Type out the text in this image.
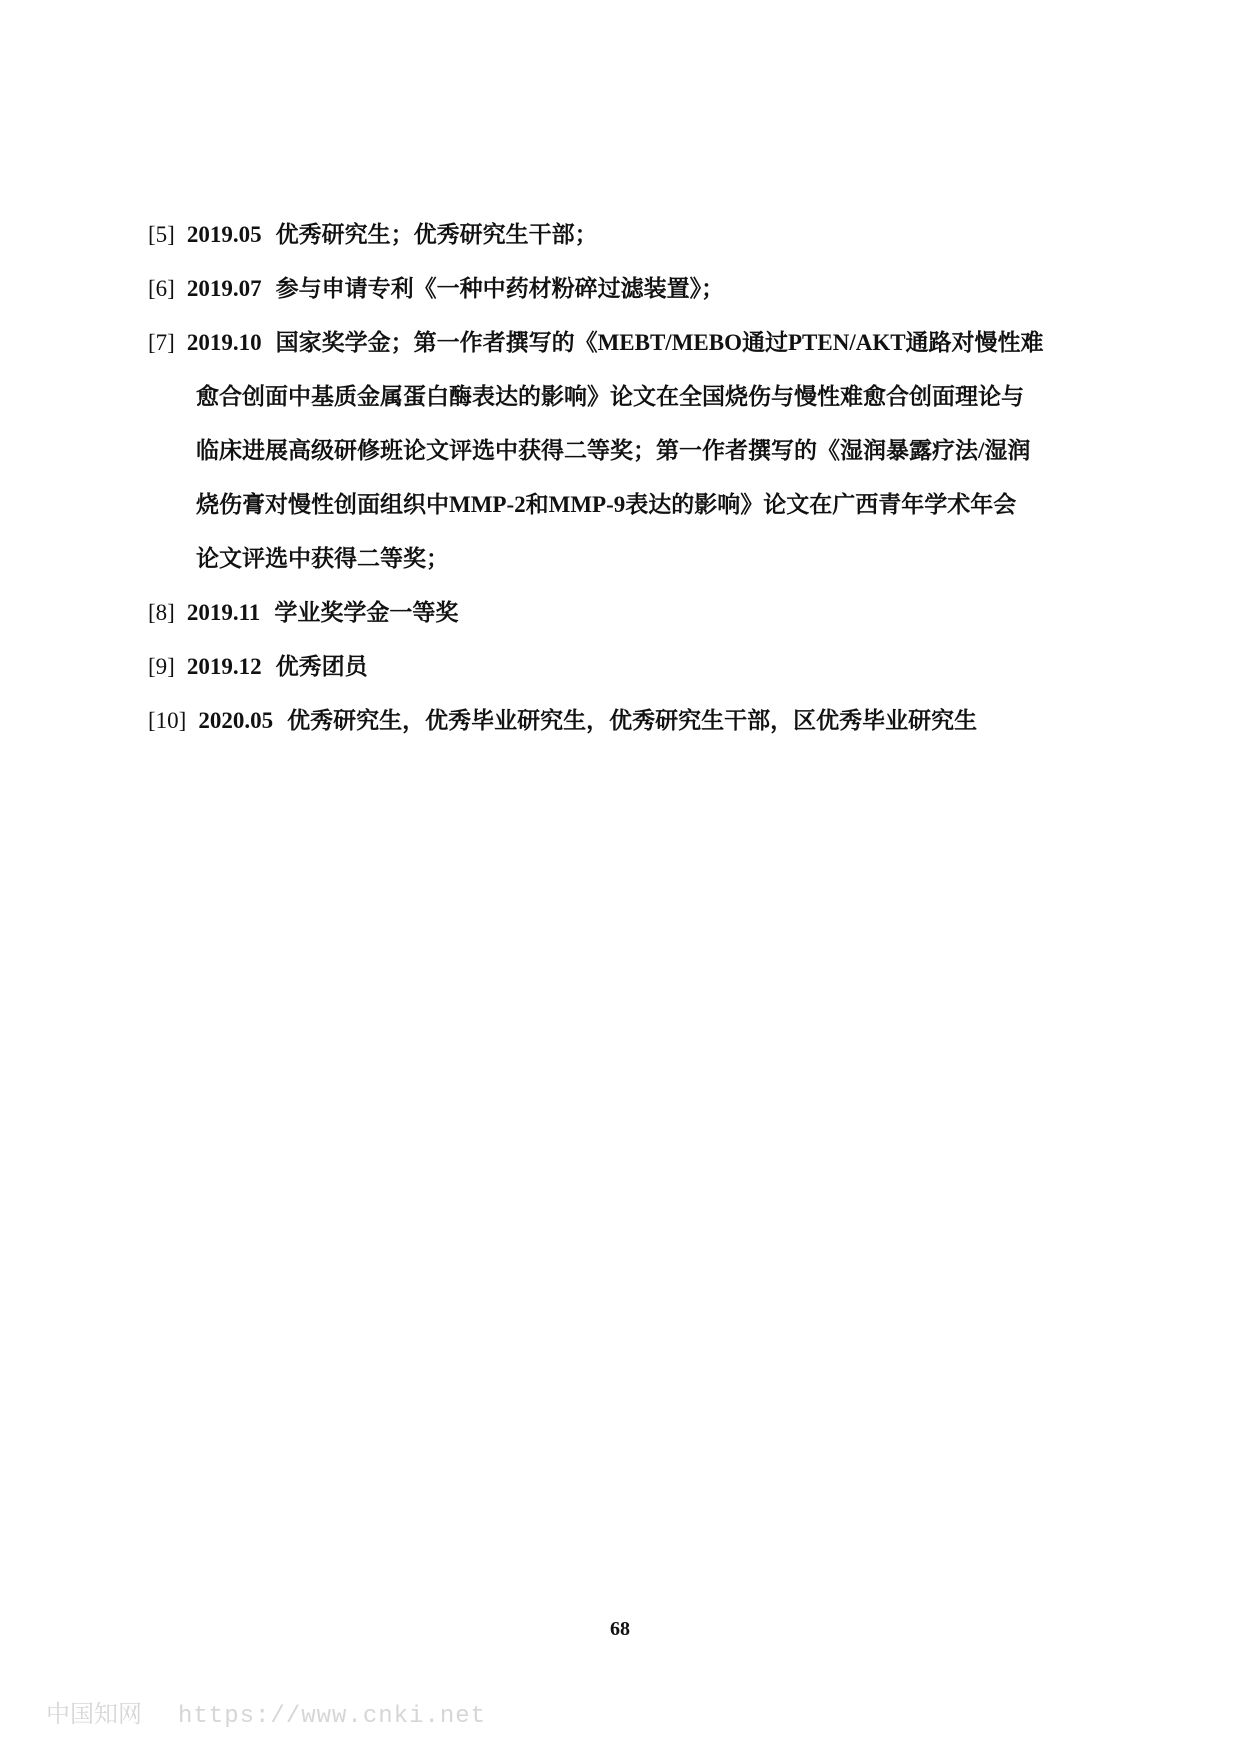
[5] 2019.05 优秀研究生；优秀研究生干部；
[6] 2019.07 参与申请专利《一种中药材粉碎过滤装置》；
[7] 2019.10 国家奖学金；第一作者撰写的《MEBT/MEBO通过PTEN/AKT通路对慢性难
愈合创面中基质金属蛋白酶表达的影响》论文在全国烧伤与慢性难愈合创面理论与
临床进展高级研修班论文评选中获得二等奖；第一作者撰写的《湿润暴露疗法/湿润
烧伤膏对慢性创面组织中MMP-2和MMP-9表达的影响》论文在广西青年学术年会
论文评选中获得二等奖；
[8] 2019.11 学业奖学金一等奖
[9] 2019.12 优秀团员
[10] 2020.05 优秀研究生，优秀毕业研究生，优秀研究生干部，区优秀毕业研究生
68
中国知网 https://www.cnki.net
